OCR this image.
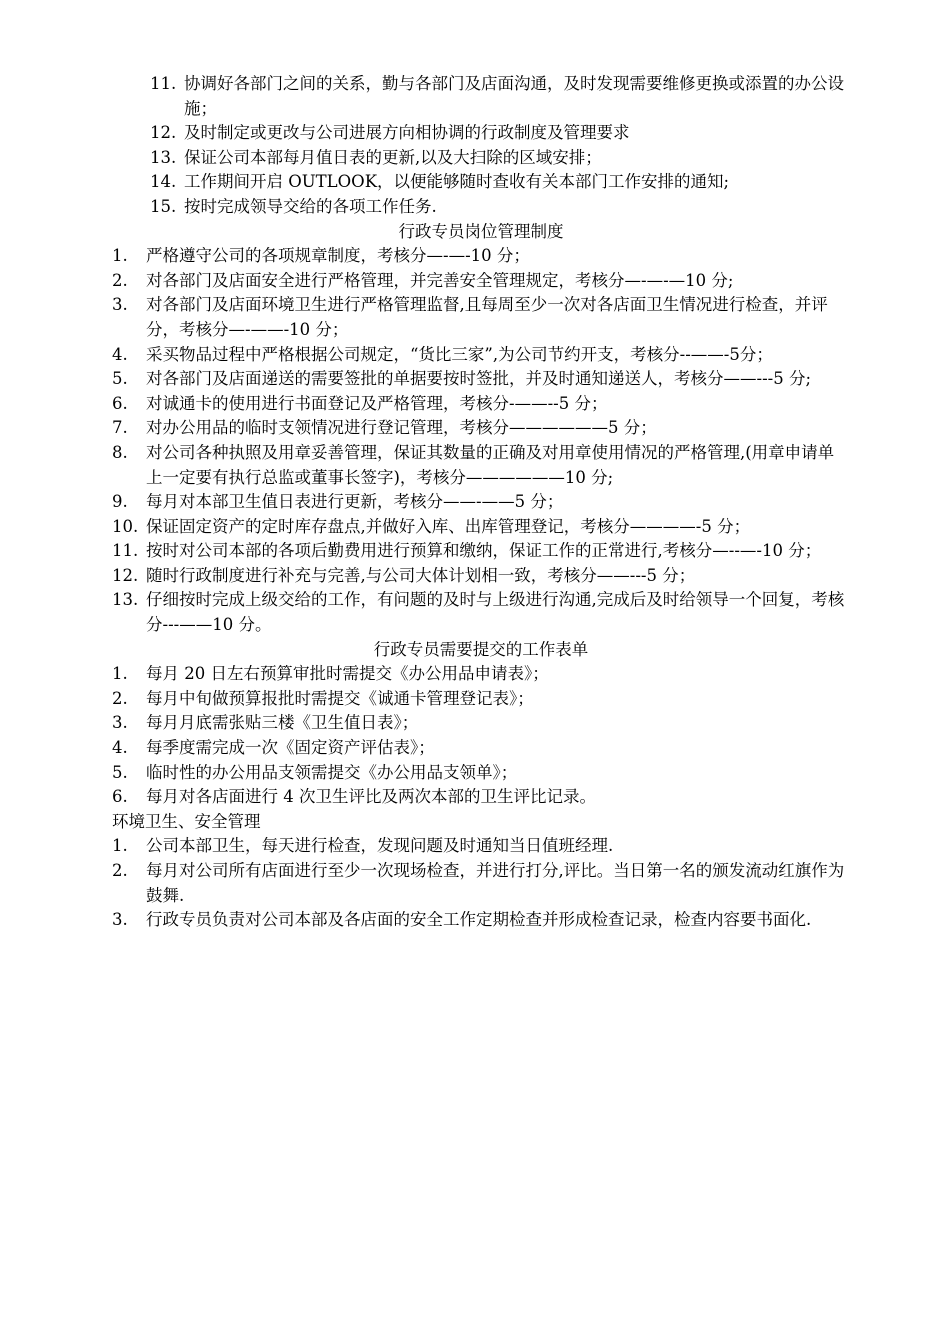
11. 协调好各部门之间的关系，勤与各部门及店面沟通，及时发现需要维修更换或添置的办公设施；
12. 及时制定或更改与公司进展方向相协调的行政制度及管理要求
13. 保证公司本部每月值日表的更新,以及大扫除的区域安排；
14. 工作期间开启 OUTLOOK，以便能够随时查收有关本部门工作安排的通知;
15. 按时完成领导交给的各项工作任务.
行政专员岗位管理制度
1.	严格遵守公司的各项规章制度，考核分—-—-10 分；
2.	对各部门及店面安全进行严格管理，并完善安全管理规定，考核分—-—-—10 分;
3.	对各部门及店面环境卫生进行严格管理监督,且每周至少一次对各店面卫生情况进行检查，并评分，考核分—-——-10 分；
4.	采买物品过程中严格根据公司规定，“货比三家”,为公司节约开支，考核分--——-5分；
5.	对各部门及店面递送的需要签批的单据要按时签批，并及时通知递送人，考核分——---5 分;
6.	对诚通卡的使用进行书面登记及严格管理，考核分-——--5 分；
7.	对办公用品的临时支领情况进行登记管理，考核分——————5 分；
8.	对公司各种执照及用章妥善管理，保证其数量的正确及对用章使用情况的严格管理,(用章申请单上一定要有执行总监或董事长签字)，考核分——————10 分;
9.	每月对本部卫生值日表进行更新，考核分——-——5 分；
10. 保证固定资产的定时库存盘点,并做好入库、出库管理登记，考核分————-5 分；
11. 按时对公司本部的各项后勤费用进行预算和缴纳，保证工作的正常进行,考核分—--—-10 分；
12. 随时行政制度进行补充与完善,与公司大体计划相一致，考核分——---5 分；
13. 仔细按时完成上级交给的工作，有问题的及时与上级进行沟通,完成后及时给领导一个回复，考核分---——10 分。
行政专员需要提交的工作表单
1.	每月 20 日左右预算审批时需提交《办公用品申请表》；
2.	每月中旬做预算报批时需提交《诚通卡管理登记表》；
3.	每月月底需张贴三楼《卫生值日表》；
4.	每季度需完成一次《固定资产评估表》；
5.	临时性的办公用品支领需提交《办公用品支领单》；
6.	每月对各店面进行 4 次卫生评比及两次本部的卫生评比记录。
环境卫生、安全管理
1.	公司本部卫生，每天进行检查，发现问题及时通知当日值班经理.
2.	每月对公司所有店面进行至少一次现场检查，并进行打分,评比。当日第一名的颁发流动红旗作为鼓舞.
3.	行政专员负责对公司本部及各店面的安全工作定期检查并形成检查记录，检查内容要书面化.
